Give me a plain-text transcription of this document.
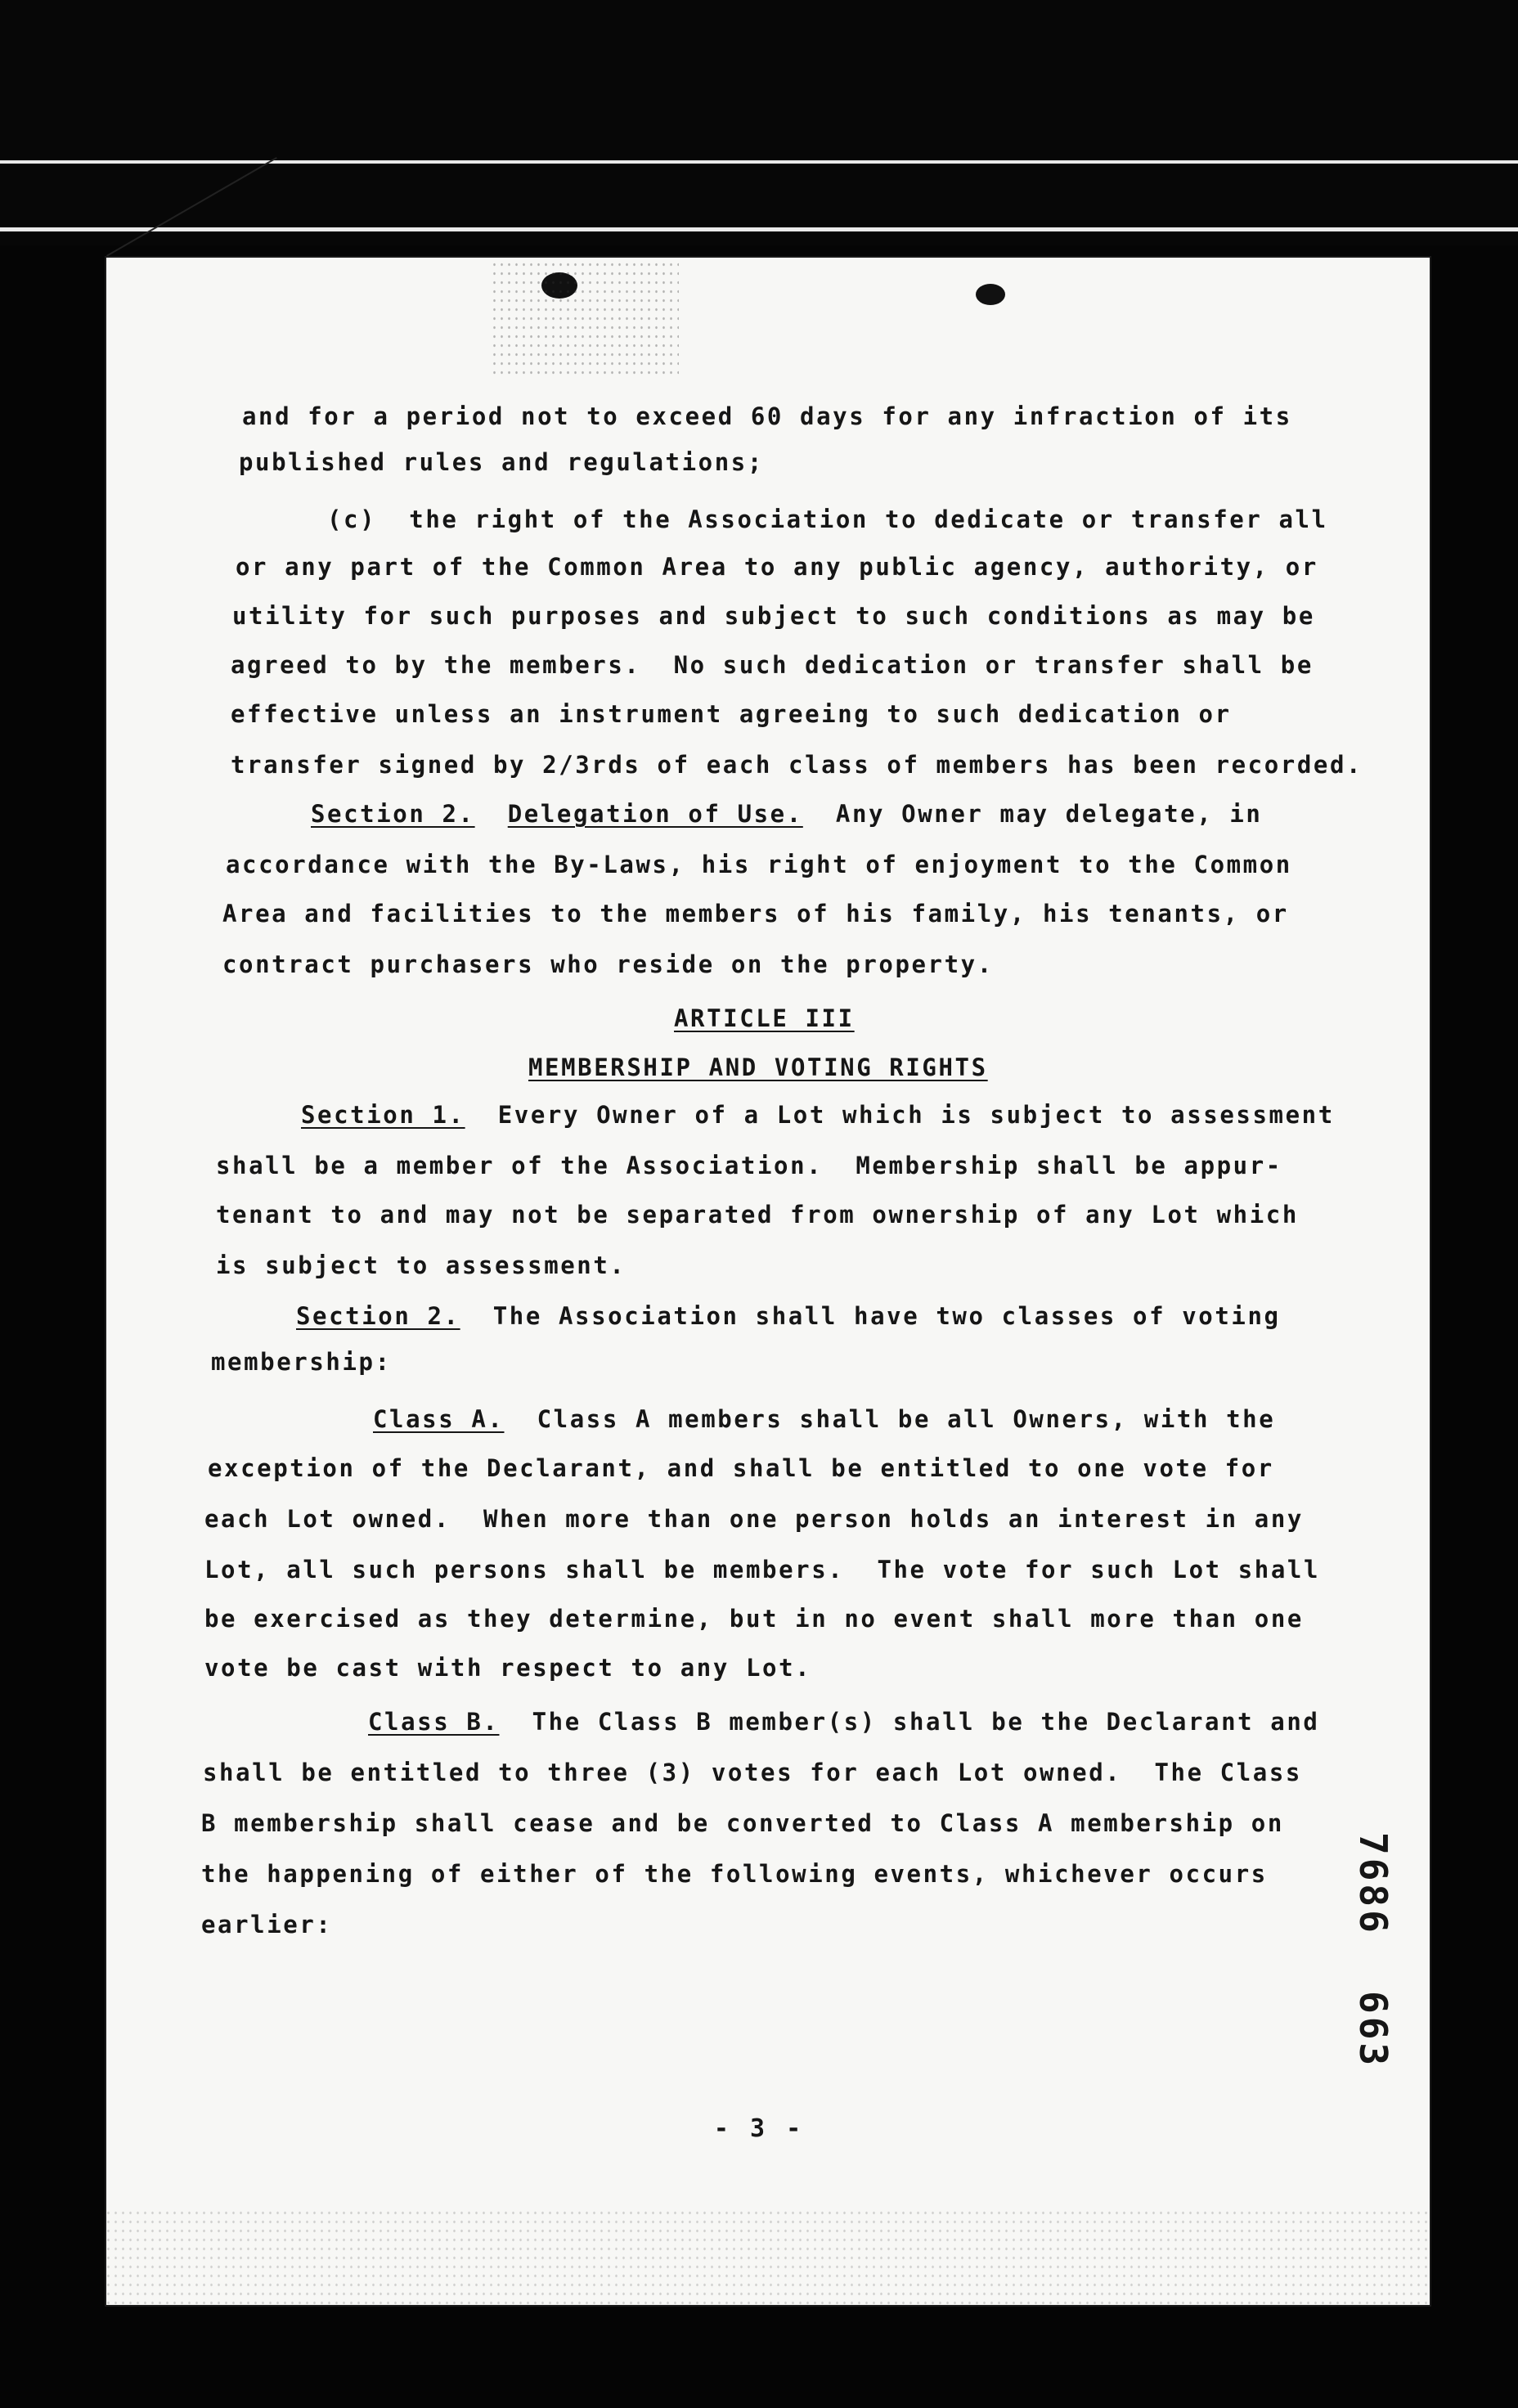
and for a period not to exceed 60 days for any infraction of its
published rules and regulations;
(c)  the right of the Association to dedicate or transfer all
or any part of the Common Area to any public agency, authority, or
utility for such purposes and subject to such conditions as may be
agreed to by the members.  No such dedication or transfer shall be
effective unless an instrument agreeing to such dedication or
transfer signed by 2/3rds of each class of members has been recorded.
Section 2. Delegation of Use.  Any Owner may delegate, in
accordance with the By-Laws, his right of enjoyment to the Common
Area and facilities to the members of his family, his tenants, or
contract purchasers who reside on the property.
ARTICLE III
MEMBERSHIP AND VOTING RIGHTS
Section 1.  Every Owner of a Lot which is subject to assessment
shall be a member of the Association.  Membership shall be appur-
tenant to and may not be separated from ownership of any Lot which
is subject to assessment.
Section 2.  The Association shall have two classes of voting
membership:
Class A.  Class A members shall be all Owners, with the
exception of the Declarant, and shall be entitled to one vote for
each Lot owned.  When more than one person holds an interest in any
Lot, all such persons shall be members.  The vote for such Lot shall
be exercised as they determine, but in no event shall more than one
vote be cast with respect to any Lot.
Class B.  The Class B member(s) shall be the Declarant and
shall be entitled to three (3) votes for each Lot owned.  The Class
B membership shall cease and be converted to Class A membership on
the happening of either of the following events, whichever occurs
earlier:	7686
663
- 3 -
